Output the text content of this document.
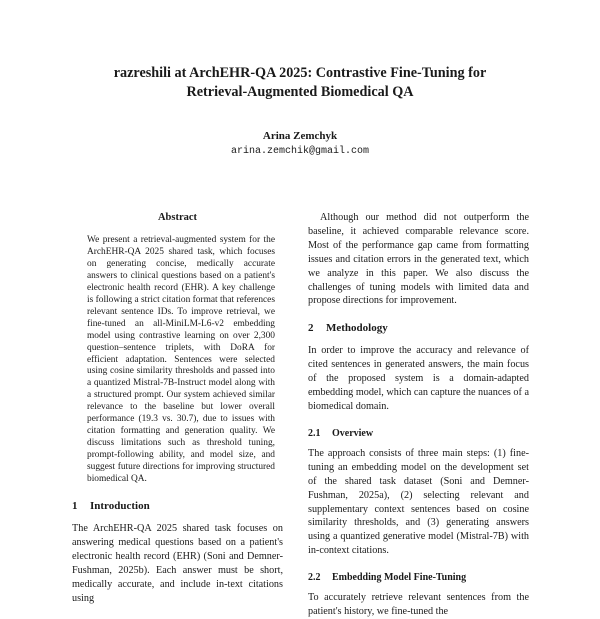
razreshili at ArchEHR-QA 2025: Contrastive Fine-Tuning for
Retrieval-Augmented Biomedical QA
Arina Zemchyk
arina.zemchik@gmail.com
Abstract

We present a retrieval-augmented system for the ArchEHR-QA 2025 shared task, which focuses on generating concise, medically accurate answers to clinical questions based on a patient's electronic health record (EHR). A key challenge is following a strict citation format that references relevant sentence IDs. To improve retrieval, we fine-tuned an all-MiniLM-L6-v2 embedding model using contrastive learning on over 2,300 question–sentence triplets, with DoRA for efficient adaptation. Sentences were selected using cosine similarity thresholds and passed into a quantized Mistral-7B-Instruct model along with a structured prompt. Our system achieved similar relevance to the baseline but lower overall performance (19.3 vs. 30.7), due to issues with citation formatting and generation quality. We discuss limitations such as threshold tuning, prompt-following ability, and model size, and suggest future directions for improving structured biomedical QA.

1	Introduction

The ArchEHR-QA 2025 shared task focuses on answering medical questions based on a patient's electronic health record (EHR) (Soni and Demner-Fushman, 2025b). Each answer must be short, medically accurate, and include in-text citations using

Although our method did not outperform the baseline, it achieved comparable relevance score. Most of the performance gap came from formatting issues and citation errors in the generated text, which we analyze in this paper. We also discuss the challenges of tuning models with limited data and propose directions for improvement.

2	Methodology

In order to improve the accuracy and relevance of cited sentences in generated answers, the main focus of the proposed system is a domain-adapted embedding model, which can capture the nuances of a biomedical domain.

2.1	Overview

The approach consists of three main steps: (1) fine-tuning an embedding model on the development set of the shared task dataset (Soni and Demner-Fushman, 2025a), (2) selecting relevant and supplementary context sentences based on cosine similarity thresholds, and (3) generating answers using a quantized generative model (Mistral-7B) with in-context citations.

2.2	Embedding Model Fine-Tuning

To accurately retrieve relevant sentences from the patient's history, we fine-tuned the
